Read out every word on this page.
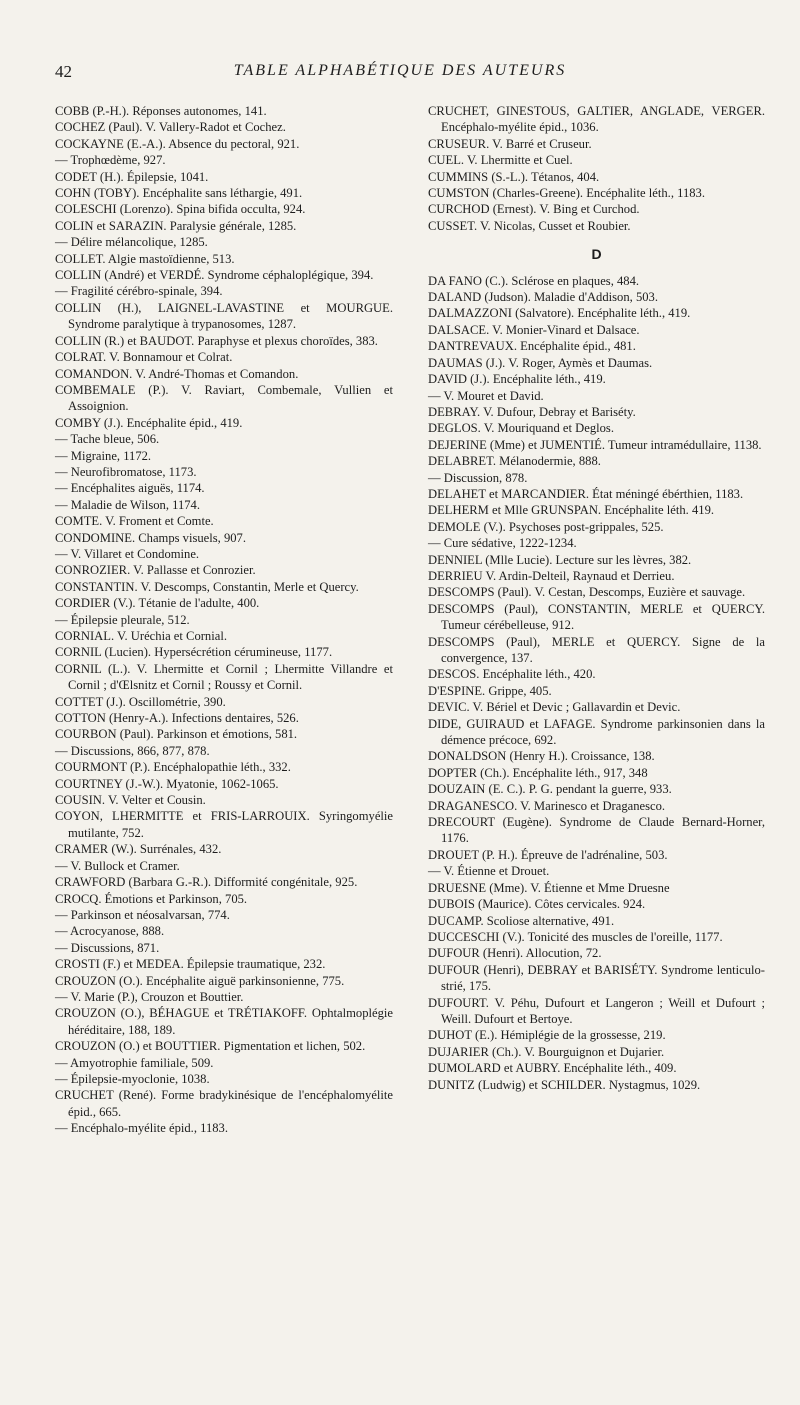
42	TABLE ALPHABÉTIQUE DES AUTEURS

COBB (P.-H.). Réponses autonomes, 141.

COCHEZ (Paul). V. Vallery-Radot et Cochez.

COCKAYNE (E.-A.). Absence du pectoral, 921.

— Trophœdème, 927.

CODET (H.). Épilepsie, 1041.

COHN (TOBY). Encéphalite sans léthargie, 491.

COLESCHI (Lorenzo). Spina bifida occulta, 924.

COLIN et SARAZIN. Paralysie générale, 1285.

— Délire mélancolique, 1285.

COLLET. Algie mastoïdienne, 513.

COLLIN (André) et VERDÉ. Syndrome céphaloplégique, 394.

— Fragilité cérébro-spinale, 394.

COLLIN (H.), LAIGNEL-LAVASTINE et MOURGUE. Syndrome paralytique à trypanosomes, 1287.

COLLIN (R.) et BAUDOT. Paraphyse et plexus choroïdes, 383.

COLRAT. V. Bonnamour et Colrat.

COMANDON. V. André-Thomas et Comandon.

COMBEMALE (P.). V. Raviart, Combemale, Vullien et Assoignion.

COMBY (J.). Encéphalite épid., 419.

— Tache bleue, 506.

— Migraine, 1172.

— Neurofibromatose, 1173.

— Encéphalites aiguës, 1174.

— Maladie de Wilson, 1174.

COMTE. V. Froment et Comte.

CONDOMINE. Champs visuels, 907.

— V. Villaret et Condomine.

CONROZIER. V. Pallasse et Conrozier.

CONSTANTIN. V. Descomps, Constantin, Merle et Quercy.

CORDIER (V.). Tétanie de l'adulte, 400.

— Épilepsie pleurale, 512.

CORNIAL. V. Uréchia et Cornial.

CORNIL (Lucien). Hypersécrétion cérumineuse, 1177.

CORNIL (L.). V. Lhermitte et Cornil ; Lhermitte Villandre et Cornil ; d'Œlsnitz et Cornil ; Roussy et Cornil.

COTTET (J.). Oscillométrie, 390.

COTTON (Henry-A.). Infections dentaires, 526.

COURBON (Paul). Parkinson et émotions, 581.

— Discussions, 866, 877, 878.

COURMONT (P.). Encéphalopathie léth., 332.

COURTNEY (J.-W.). Myatonie, 1062-1065.

COUSIN. V. Velter et Cousin.

COYON, LHERMITTE et FRIS-LARROUIX. Syringomyélie mutilante, 752.

CRAMER (W.). Surrénales, 432.

— V. Bullock et Cramer.

CRAWFORD (Barbara G.-R.). Difformité congénitale, 925.

CROCQ. Émotions et Parkinson, 705.

— Parkinson et néosalvarsan, 774.

— Acrocyanose, 888.

— Discussions, 871.

CROSTI (F.) et MEDEA. Épilepsie traumatique, 232.

CROUZON (O.). Encéphalite aiguë parkinsonienne, 775.

— V. Marie (P.), Crouzon et Bouttier.

CROUZON (O.), BÉHAGUE et TRÉTIAKOFF. Ophtalmoplégie héréditaire, 188, 189.

CROUZON (O.) et BOUTTIER. Pigmentation et lichen, 502.

— Amyotrophie familiale, 509.

— Épilepsie-myoclonie, 1038.

CRUCHET (René). Forme bradykinésique de l'encéphalomyélite épid., 665.

— Encéphalo-myélite épid., 1183.

CRUCHET, GINESTOUS, GALTIER, ANGLADE, VERGER. Encéphalo-myélite épid., 1036.

CRUSEUR. V. Barré et Cruseur.

CUEL. V. Lhermitte et Cuel.

CUMMINS (S.-L.). Tétanos, 404.

CUMSTON (Charles-Greene). Encéphalite léth., 1183.

CURCHOD (Ernest). V. Bing et Curchod.

CUSSET. V. Nicolas, Cusset et Roubier.

D

DA FANO (C.). Sclérose en plaques, 484.

DALAND (Judson). Maladie d'Addison, 503.

DALMAZZONI (Salvatore). Encéphalite léth., 419.

DALSACE. V. Monier-Vinard et Dalsace.

DANTREVAUX. Encéphalite épid., 481.

DAUMAS (J.). V. Roger, Aymès et Daumas.

DAVID (J.). Encéphalite léth., 419.

— V. Mouret et David.

DEBRAY. V. Dufour, Debray et Bariséty.

DEGLOS. V. Mouriquand et Deglos.

DEJERINE (Mme) et JUMENTIÉ. Tumeur intramédullaire, 1138.

DELABRET. Mélanodermie, 888.

— Discussion, 878.

DELAHET et MARCANDIER. État méningé ébérthien, 1183.

DELHERM et Mlle GRUNSPAN. Encéphalite léth. 419.

DEMOLE (V.). Psychoses post-grippales, 525.

— Cure sédative, 1222-1234.

DENNIEL (Mlle Lucie). Lecture sur les lèvres, 382.

DERRIEU V. Ardin-Delteil, Raynaud et Derrieu.

DESCOMPS (Paul). V. Cestan, Descomps, Euzière et sauvage.

DESCOMPS (Paul), CONSTANTIN, MERLE et QUERCY. Tumeur cérébelleuse, 912.

DESCOMPS (Paul), MERLE et QUERCY. Signe de la convergence, 137.

DESCOS. Encéphalite léth., 420.

D'ESPINE. Grippe, 405.

DEVIC. V. Bériel et Devic ; Gallavardin et Devic.

DIDE, GUIRAUD et LAFAGE. Syndrome parkinsonien dans la démence précoce, 692.

DONALDSON (Henry H.). Croissance, 138.

DOPTER (Ch.). Encéphalite léth., 917, 348

DOUZAIN (E. C.). P. G. pendant la guerre, 933.

DRAGANESCO. V. Marinesco et Draganesco.

DRECOURT (Eugène). Syndrome de Claude Bernard-Horner, 1176.

DROUET (P. H.). Épreuve de l'adrénaline, 503.

— V. Étienne et Drouet.

DRUESNE (Mme). V. Étienne et Mme Druesne

DUBOIS (Maurice). Côtes cervicales. 924.

DUCAMP. Scoliose alternative, 491.

DUCCESCHI (V.). Tonicité des muscles de l'oreille, 1177.

DUFOUR (Henri). Allocution, 72.

DUFOUR (Henri), DEBRAY et BARISÉTY. Syndrome lenticulo-strié, 175.

DUFOURT. V. Péhu, Dufourt et Langeron ; Weill et Dufourt ; Weill. Dufourt et Bertoye.

DUHOT (E.). Hémiplégie de la grossesse, 219.

DUJARIER (Ch.). V. Bourguignon et Dujarier.

DUMOLARD et AUBRY. Encéphalite léth., 409.

DUNITZ (Ludwig) et SCHILDER. Nystagmus, 1029.
